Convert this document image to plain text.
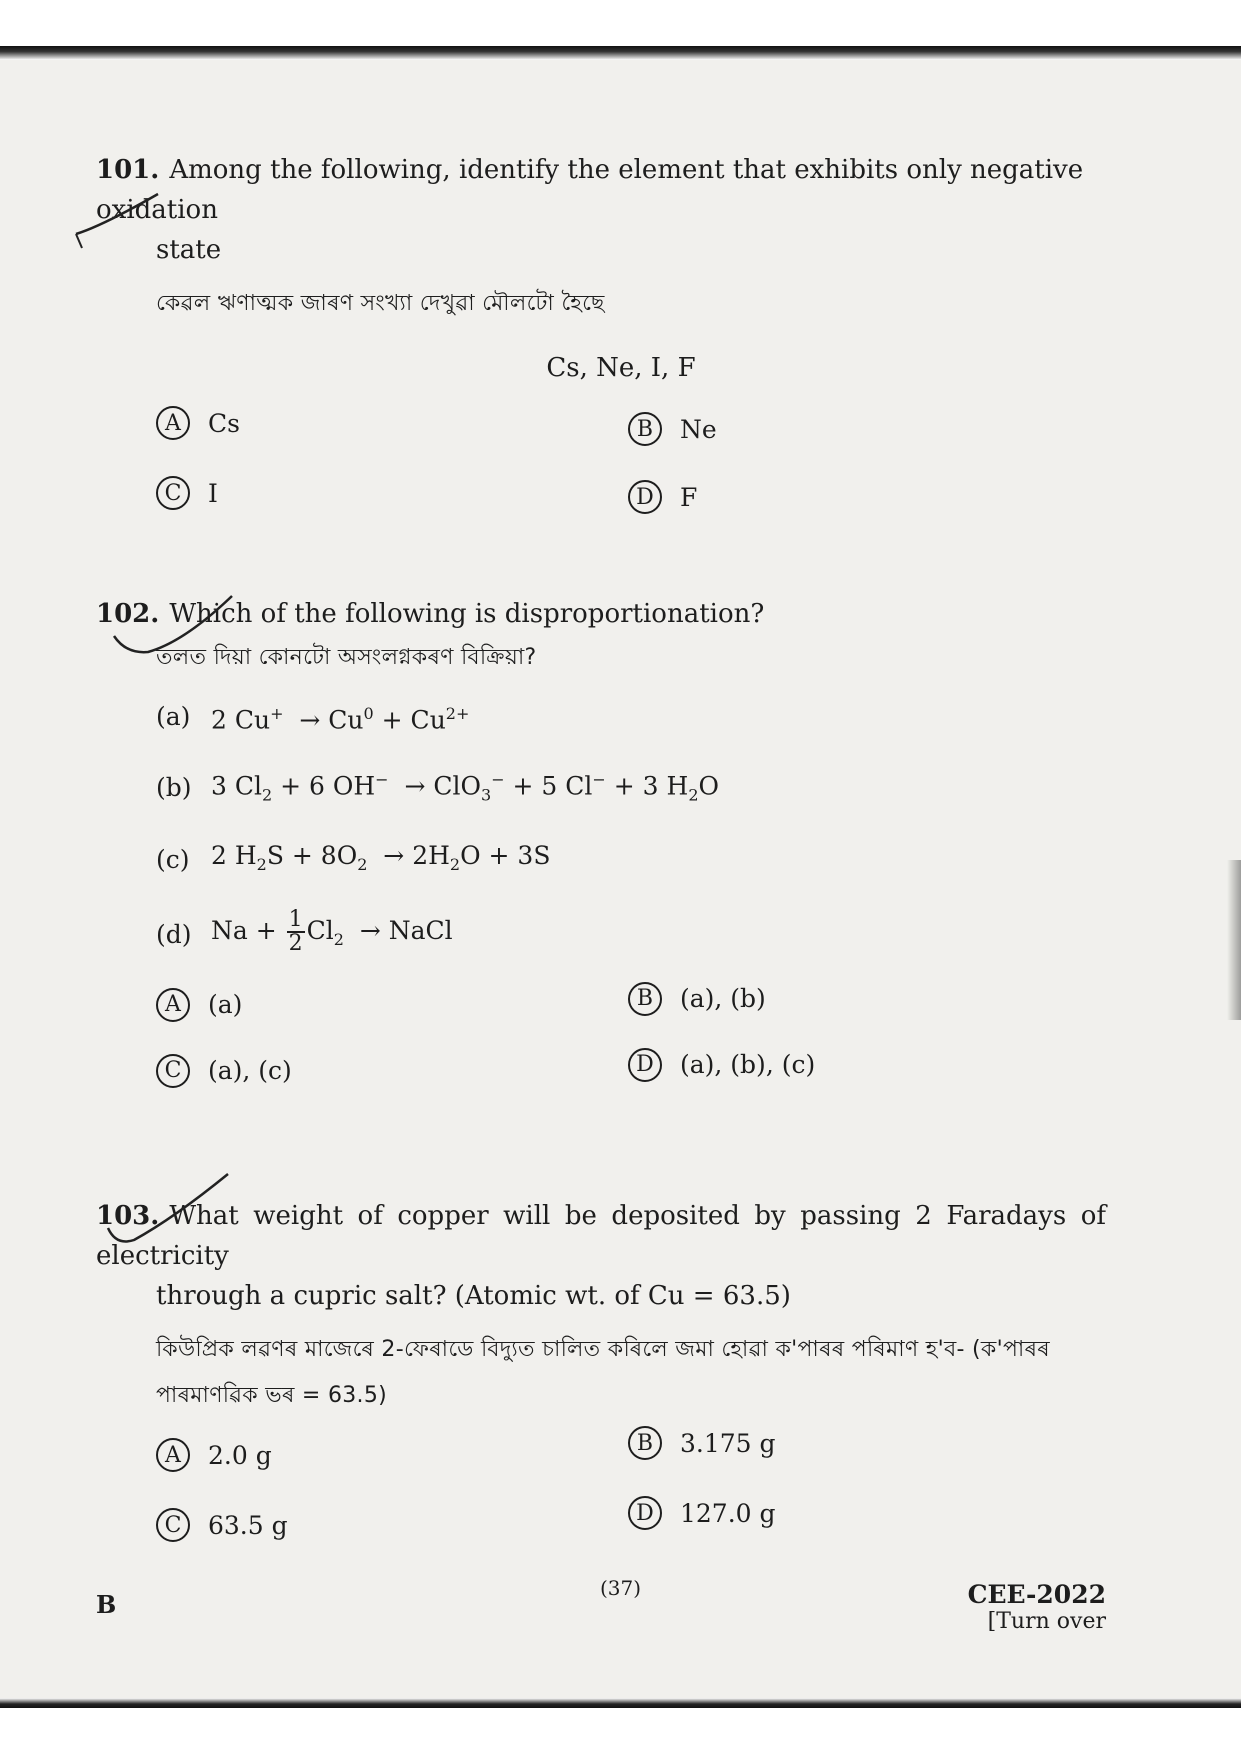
101. Among the following, identify the element that exhibits only negative oxidation
state
কেৱল ঋণাত্মক জাৰণ সংখ্যা দেখুৱা মৌলটো হৈছে
Cs, Ne, I, F
A	Cs	B	Ne
C	I	D	F
102. Which of the following is disproportionation?
তলত দিয়া কোনটো অসংলগ্নকৰণ বিক্ৰিয়া?
(a) 2 $Cu^+ \to Cu^0 + Cu^{2+}$
(b) 3 $Cl_2 + 6$ OH−  → ClO$_3$− + 5 Cl− + 3 $H_2O$
(c) 2 $H_2S + 8O_2 \to 2H_2O + 3S$
(d) $Na + \frac{1}{2} Cl_2$  → NaCl
A	(a)	B	(a), (b)
C	(a), (c)	D	(a), (b), (c)
103. What weight of copper will be deposited by passing 2 Faradays of electricity
through a cupric salt? (Atomic wt. of Cu = 63.5)
কিউপ্ৰিক লৱণৰ মাজেৰে 2-ফেৰাডে বিদ্যুত চালিত কৰিলে জমা হোৱা ক'পাৰৰ পৰিমাণ হ'ব- (ক'পাৰৰ
পাৰমাণৱিক ভৰ = 63.5)
A	2.0 g	B	3.175 g
C	63.5 g	D	127.0 g
B
(37)	CEE-2022
[Turn over
